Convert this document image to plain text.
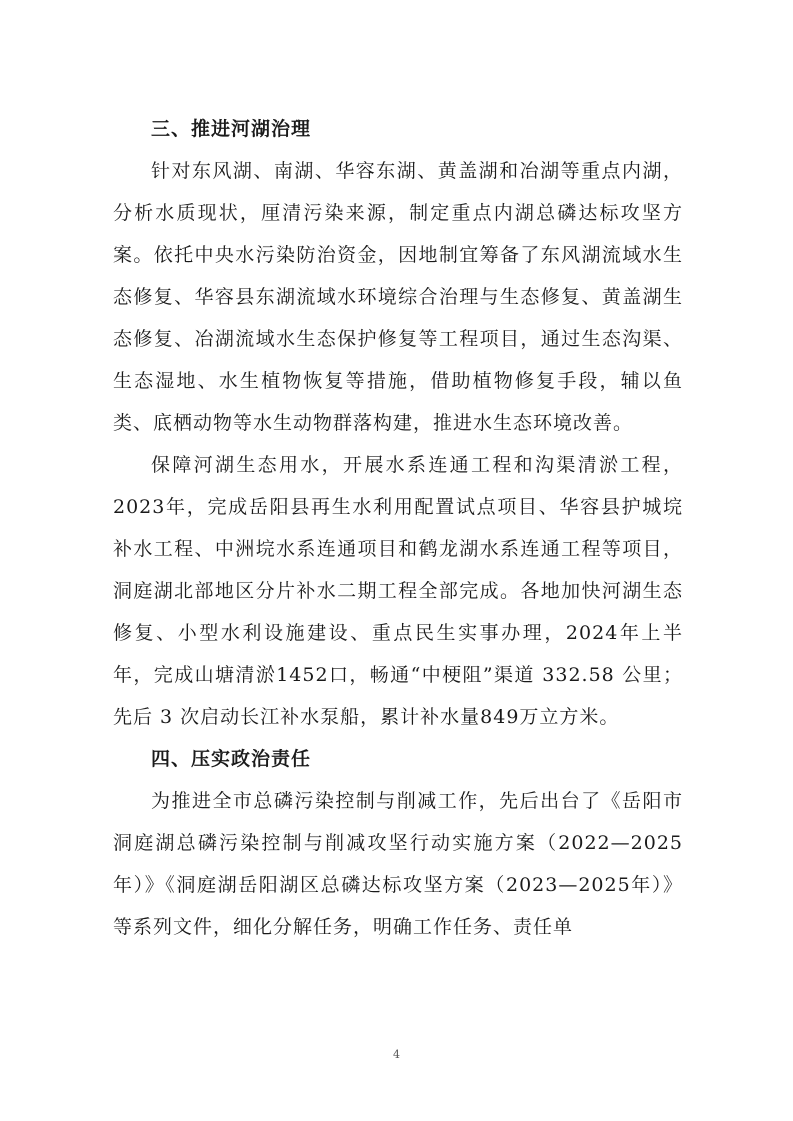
三、推进河湖治理

针对东风湖、南湖、华容东湖、黄盖湖和冶湖等重点内湖，分析水质现状，厘清污染来源，制定重点内湖总磷达标攻坚方案。依托中央水污染防治资金，因地制宜筹备了东风湖流域水生态修复、华容县东湖流域水环境综合治理与生态修复、黄盖湖生态修复、冶湖流域水生态保护修复等工程项目，通过生态沟渠、生态湿地、水生植物恢复等措施，借助植物修复手段，辅以鱼类、底栖动物等水生动物群落构建，推进水生态环境改善。

保障河湖生态用水，开展水系连通工程和沟渠清淤工程，2023年，完成岳阳县再生水利用配置试点项目、华容县护城垸补水工程、中洲垸水系连通项目和鹤龙湖水系连通工程等项目，洞庭湖北部地区分片补水二期工程全部完成。各地加快河湖生态修复、小型水利设施建设、重点民生实事办理，2024年上半年，完成山塘清淤1452口，畅通“中梗阻”渠道 332.58 公里；先后 3 次启动长江补水泵船，累计补水量849万立方米。

四、压实政治责任

为推进全市总磷污染控制与削减工作，先后出台了《岳阳市洞庭湖总磷污染控制与削减攻坚行动实施方案（2022—2025年）》《洞庭湖岳阳湖区总磷达标攻坚方案（2023—2025年）》等系列文件，细化分解任务，明确工作任务、责任单

4
